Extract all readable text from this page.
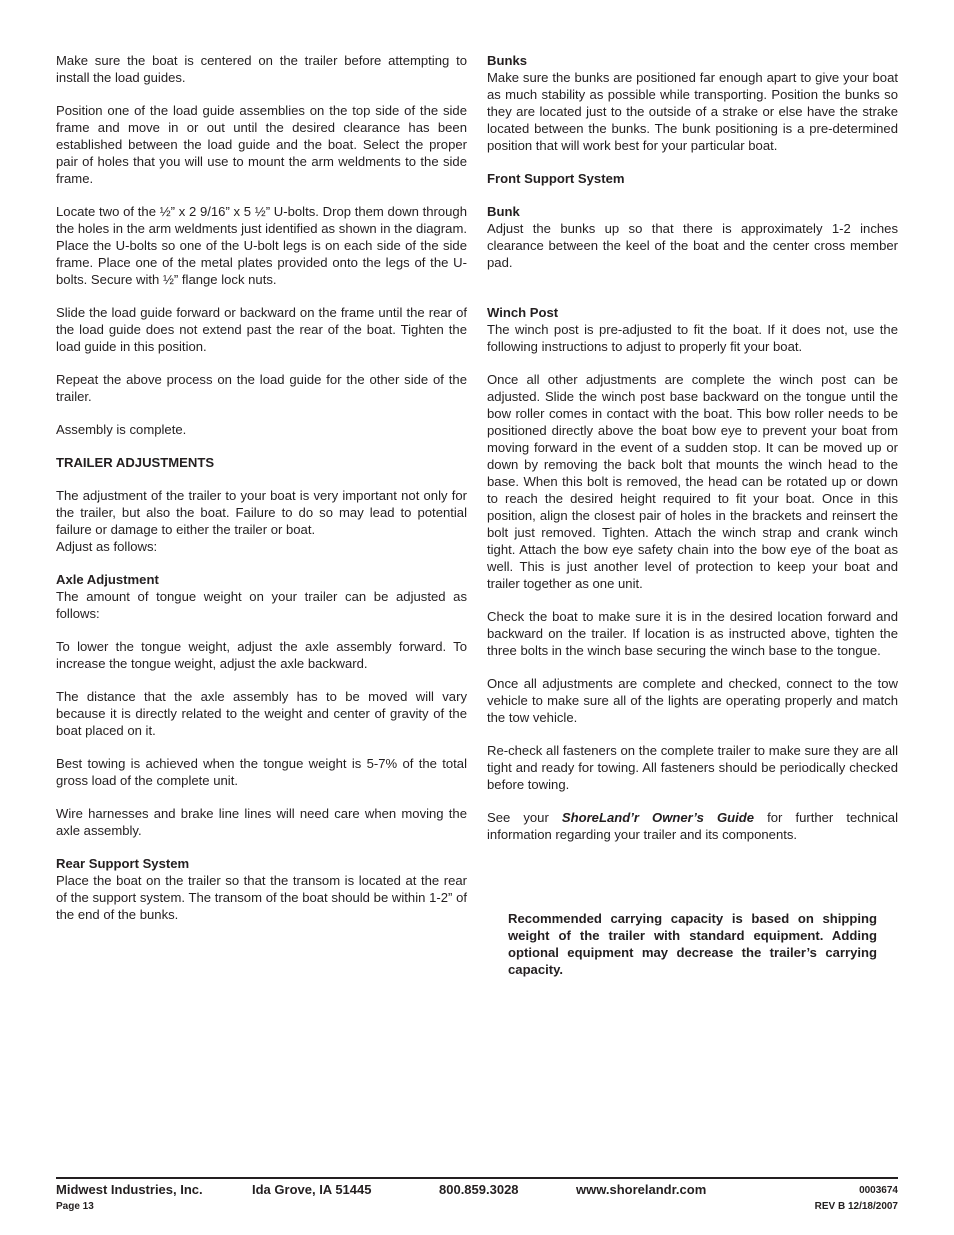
Make sure the boat is centered on the trailer before attempting to install the load guides.

Position one of the load guide assemblies on the top side of the side frame and move in or out until the desired clearance has been established between the load guide and the boat. Select the proper pair of holes that you will use to mount the arm weldments to the side frame.

Locate two of the ½” x 2 9/16” x 5 ½” U-bolts. Drop them down through the holes in the arm weldments just identified as shown in the diagram. Place the U-bolts so one of the U-bolt legs is on each side of the side frame. Place one of the metal plates provided onto the legs of the U-bolts. Secure with ½” flange lock nuts.

Slide the load guide forward or backward on the frame until the rear of the load guide does not extend past the rear of the boat. Tighten the load guide in this position.

Repeat the above process on the load guide for the other side of the trailer.

Assembly is complete.

TRAILER ADJUSTMENTS

The adjustment of the trailer to your boat is very important not only for the trailer, but also the boat. Failure to do so may lead to potential failure or damage to either the trailer or boat.
Adjust as follows:

Axle Adjustment
The amount of tongue weight on your trailer can be adjusted as follows:

To lower the tongue weight, adjust the axle assembly forward. To increase the tongue weight, adjust the axle backward.

The distance that the axle assembly has to be moved will vary because it is directly related to the weight and center of gravity of the boat placed on it.

Best towing is achieved when the tongue weight is 5-7% of the total gross load of the complete unit.

Wire harnesses and brake line lines will need care when moving the axle assembly.

Rear Support System
Place the boat on the trailer so that the transom is located at the rear of the support system. The transom of the boat should be within 1-2” of the end of the bunks.

Bunks
Make sure the bunks are positioned far enough apart to give your boat as much stability as possible while transporting. Position the bunks so they are located just to the outside of a strake or else have the strake located between the bunks. The bunk positioning is a pre-determined position that will work best for your particular boat.

Front Support System

Bunk
Adjust the bunks up so that there is approximately 1-2 inches clearance between the keel of the boat and the center cross member pad.

Winch Post
The winch post is pre-adjusted to fit the boat. If it does not, use the following instructions to adjust to properly fit your boat.

Once all other adjustments are complete the winch post can be adjusted. Slide the winch post base backward on the tongue until the bow roller comes in contact with the boat. This bow roller needs to be positioned directly above the boat bow eye to prevent your boat from moving forward in the event of a sudden stop. It can be moved up or down by removing the back bolt that mounts the winch head to the base. When this bolt is removed, the head can be rotated up or down to reach the desired height required to fit your boat. Once in this position, align the closest pair of holes in the brackets and reinsert the bolt just removed. Tighten. Attach the winch strap and crank winch tight. Attach the bow eye safety chain into the bow eye of the boat as well. This is just another level of protection to keep your boat and trailer together as one unit.

Check the boat to make sure it is in the desired location forward and backward on the trailer. If location is as instructed above, tighten the three bolts in the winch base securing the winch base to the tongue.

Once all adjustments are complete and checked, connect to the tow vehicle to make sure all of the lights are operating properly and match the tow vehicle.

Re-check all fasteners on the complete trailer to make sure they are all tight and ready for towing. All fasteners should be periodically checked before towing.

See your ShoreLand’r Owner’s Guide for further technical information regarding your trailer and its components.

Recommended carrying capacity is based on shipping weight of the trailer with standard equipment. Adding optional equipment may decrease the trailer’s carrying capacity.
Midwest Industries, Inc.	Ida Grove, IA 51445	800.859.3028	www.shorelandr.com	0003674
Page 13	REV B 12/18/2007
